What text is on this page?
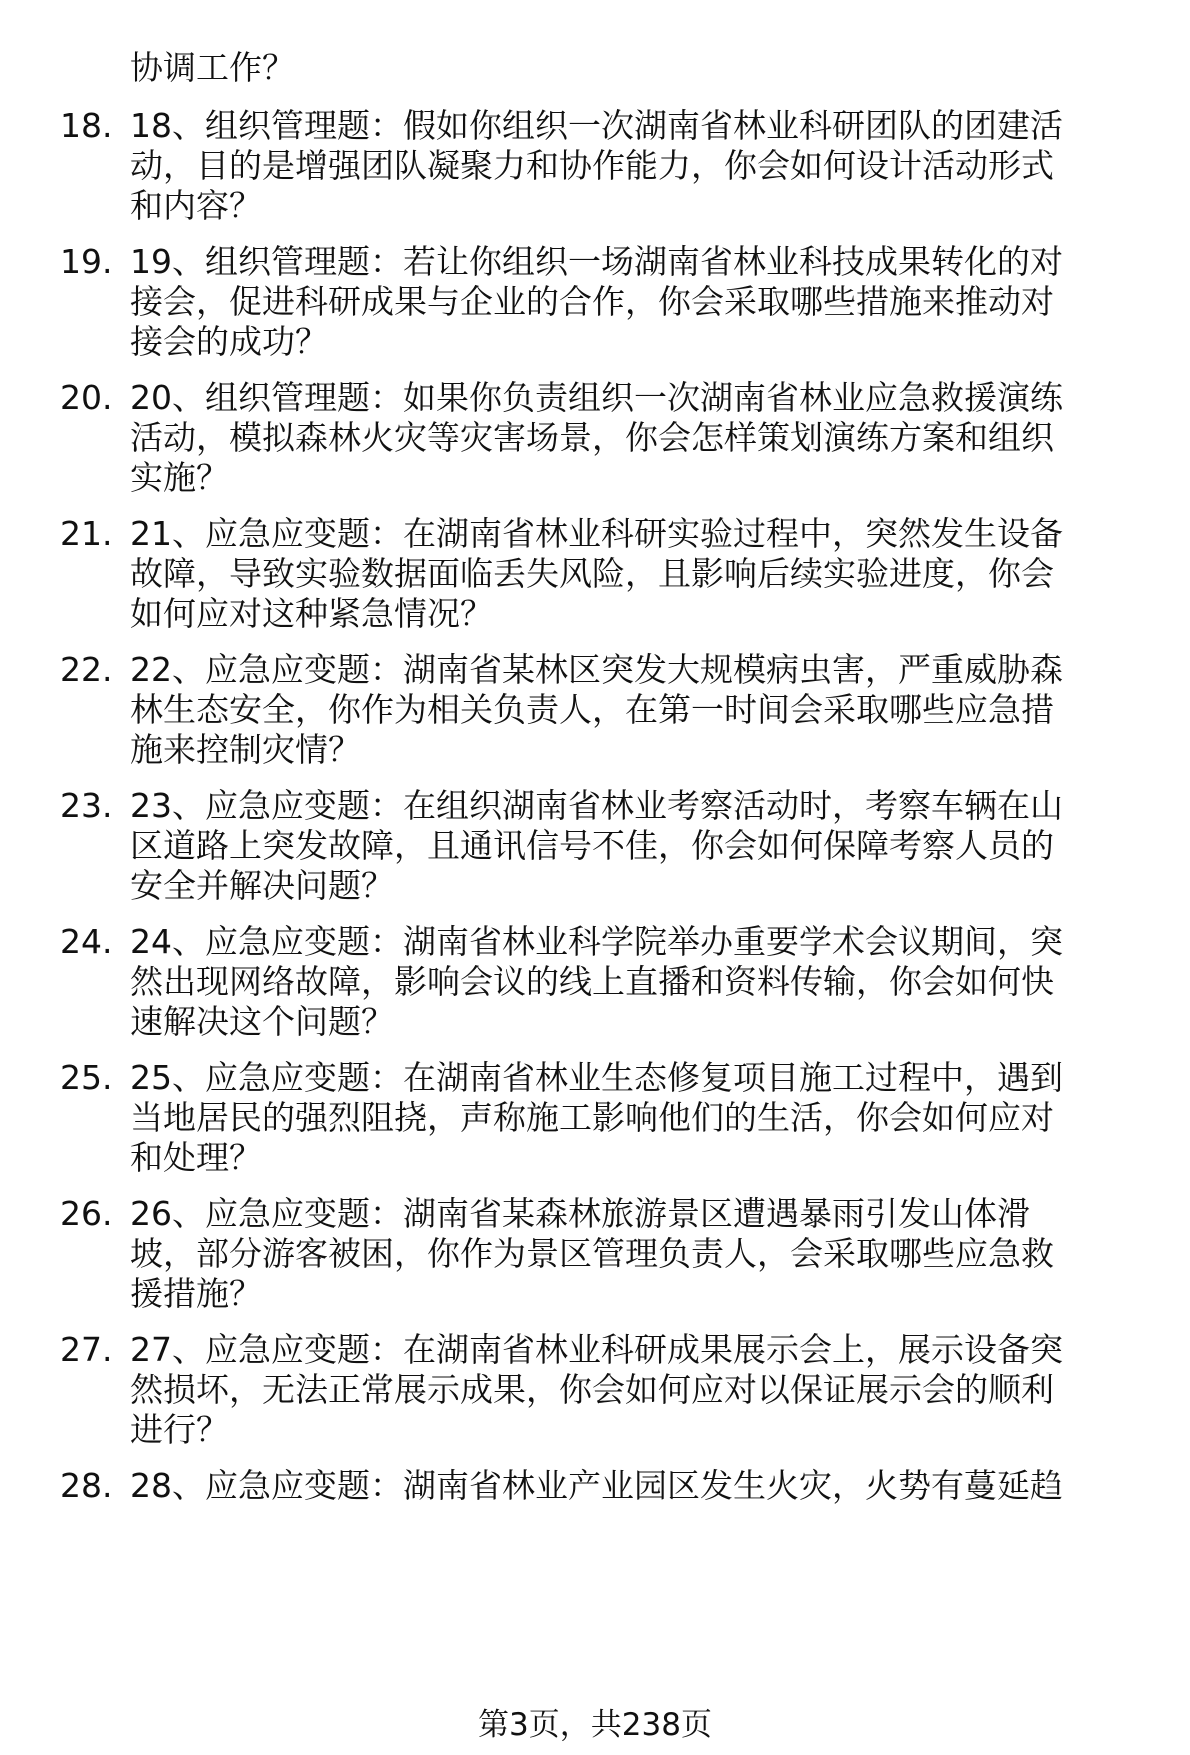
协调工作？
18. 18、组织管理题：假如你组织一次湖南省林业科研团队的团建活
动，目的是增强团队凝聚力和协作能力，你会如何设计活动形式
和内容？
19. 19、组织管理题：若让你组织一场湖南省林业科技成果转化的对
接会，促进科研成果与企业的合作，你会采取哪些措施来推动对
接会的成功？
20. 20、组织管理题：如果你负责组织一次湖南省林业应急救援演练
活动，模拟森林火灾等灾害场景，你会怎样策划演练方案和组织
实施？
21. 21、应急应变题：在湖南省林业科研实验过程中，突然发生设备
故障，导致实验数据面临丢失风险，且影响后续实验进度，你会
如何应对这种紧急情况？
22. 22、应急应变题：湖南省某林区突发大规模病虫害，严重威胁森
林生态安全，你作为相关负责人，在第一时间会采取哪些应急措
施来控制灾情？
23. 23、应急应变题：在组织湖南省林业考察活动时，考察车辆在山
区道路上突发故障，且通讯信号不佳，你会如何保障考察人员的
安全并解决问题？
24. 24、应急应变题：湖南省林业科学院举办重要学术会议期间，突
然出现网络故障，影响会议的线上直播和资料传输，你会如何快
速解决这个问题？
25. 25、应急应变题：在湖南省林业生态修复项目施工过程中，遇到
当地居民的强烈阻挠，声称施工影响他们的生活，你会如何应对
和处理？
26. 26、应急应变题：湖南省某森林旅游景区遭遇暴雨引发山体滑
坡，部分游客被困，你作为景区管理负责人，会采取哪些应急救
援措施？
27. 27、应急应变题：在湖南省林业科研成果展示会上，展示设备突
然损坏，无法正常展示成果，你会如何应对以保证展示会的顺利
进行？
28. 28、应急应变题：湖南省林业产业园区发生火灾，火势有蔓延趋
第3页，共238页
